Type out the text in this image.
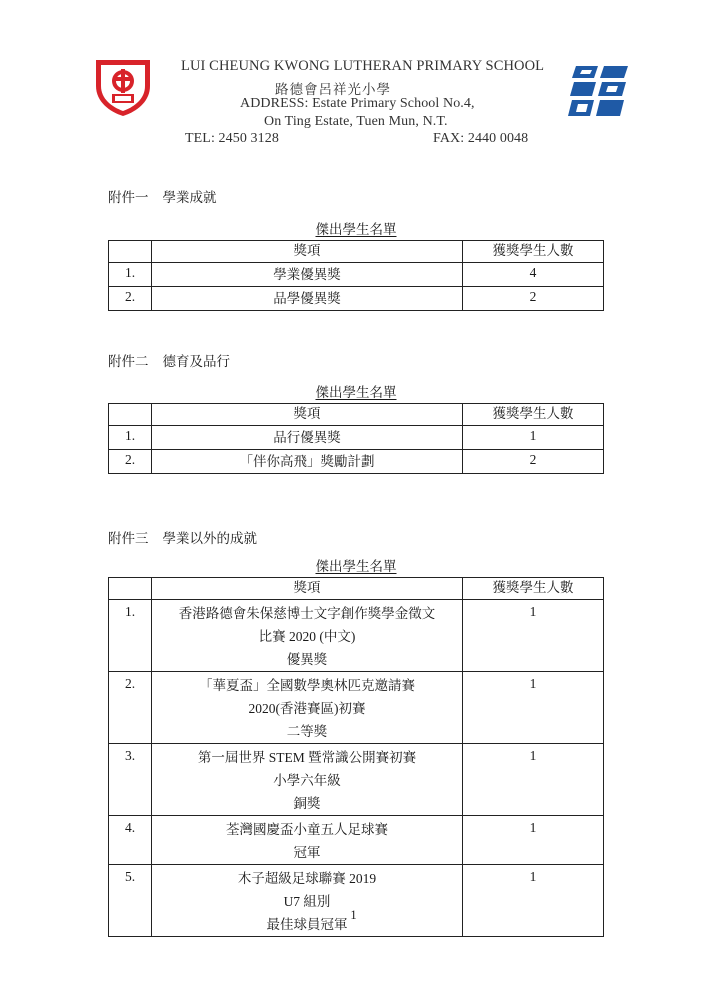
LUI CHEUNG KWONG LUTHERAN PRIMARY SCHOOL
路德會呂祥光小學
ADDRESS: Estate Primary School No.4,
On Ting Estate, Tuen Mun, N.T.
TEL: 2450 3128	FAX: 2440 0048
附件一 學業成就
傑出學生名單
	獎項	獲獎學生人數
1.	學業優異獎	4
2.	品學優異獎	2
附件二 德育及品行
傑出學生名單
	獎項	獲獎學生人數
1.	品行優異獎	1
2.	「伴你高飛」獎勵計劃	2
附件三 學業以外的成就
傑出學生名單
	獎項	獲獎學生人數
1.	香港路德會朱保慈博士文字創作獎學金徵文
比賽 2020 (中文)
優異獎	1
2.	「華夏盃」全國數學奧林匹克邀請賽
2020(香港賽區)初賽
二等獎	1
3.	第一屆世界 STEM 暨常識公開賽初賽
小學六年級
銅獎	1
4.	荃灣國慶盃小童五人足球賽
冠軍	1
5.	木子超級足球聯賽 2019
U7 組別
最佳球員冠軍	1
1
